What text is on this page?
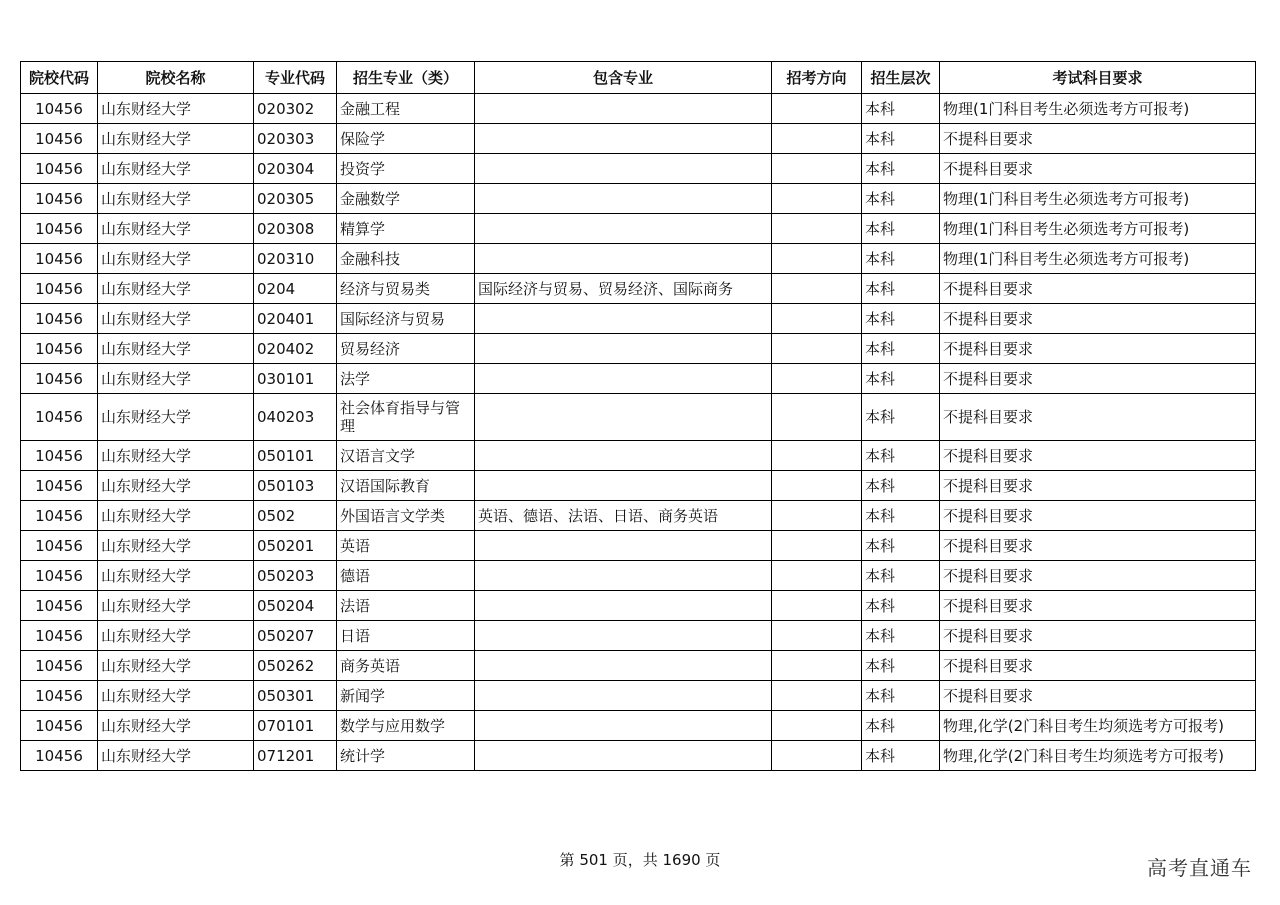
院校代码	院校名称	专业代码	招生专业（类）	包含专业	招考方向	招生层次	考试科目要求
10456	山东财经大学	020302	金融工程			本科	物理(1门科目考生必须选考方可报考)
10456	山东财经大学	020303	保险学			本科	不提科目要求
10456	山东财经大学	020304	投资学			本科	不提科目要求
10456	山东财经大学	020305	金融数学			本科	物理(1门科目考生必须选考方可报考)
10456	山东财经大学	020308	精算学			本科	物理(1门科目考生必须选考方可报考)
10456	山东财经大学	020310	金融科技			本科	物理(1门科目考生必须选考方可报考)
10456	山东财经大学	0204	经济与贸易类	国际经济与贸易、贸易经济、国际商务		本科	不提科目要求
10456	山东财经大学	020401	国际经济与贸易			本科	不提科目要求
10456	山东财经大学	020402	贸易经济			本科	不提科目要求
10456	山东财经大学	030101	法学			本科	不提科目要求
10456	山东财经大学	040203	社会体育指导与管理			本科	不提科目要求
10456	山东财经大学	050101	汉语言文学			本科	不提科目要求
10456	山东财经大学	050103	汉语国际教育			本科	不提科目要求
10456	山东财经大学	0502	外国语言文学类	英语、德语、法语、日语、商务英语		本科	不提科目要求
10456	山东财经大学	050201	英语			本科	不提科目要求
10456	山东财经大学	050203	德语			本科	不提科目要求
10456	山东财经大学	050204	法语			本科	不提科目要求
10456	山东财经大学	050207	日语			本科	不提科目要求
10456	山东财经大学	050262	商务英语			本科	不提科目要求
10456	山东财经大学	050301	新闻学			本科	不提科目要求
10456	山东财经大学	070101	数学与应用数学			本科	物理,化学(2门科目考生均须选考方可报考)
10456	山东财经大学	071201	统计学			本科	物理,化学(2门科目考生均须选考方可报考)
第 501 页，共 1690 页	高考直通车
